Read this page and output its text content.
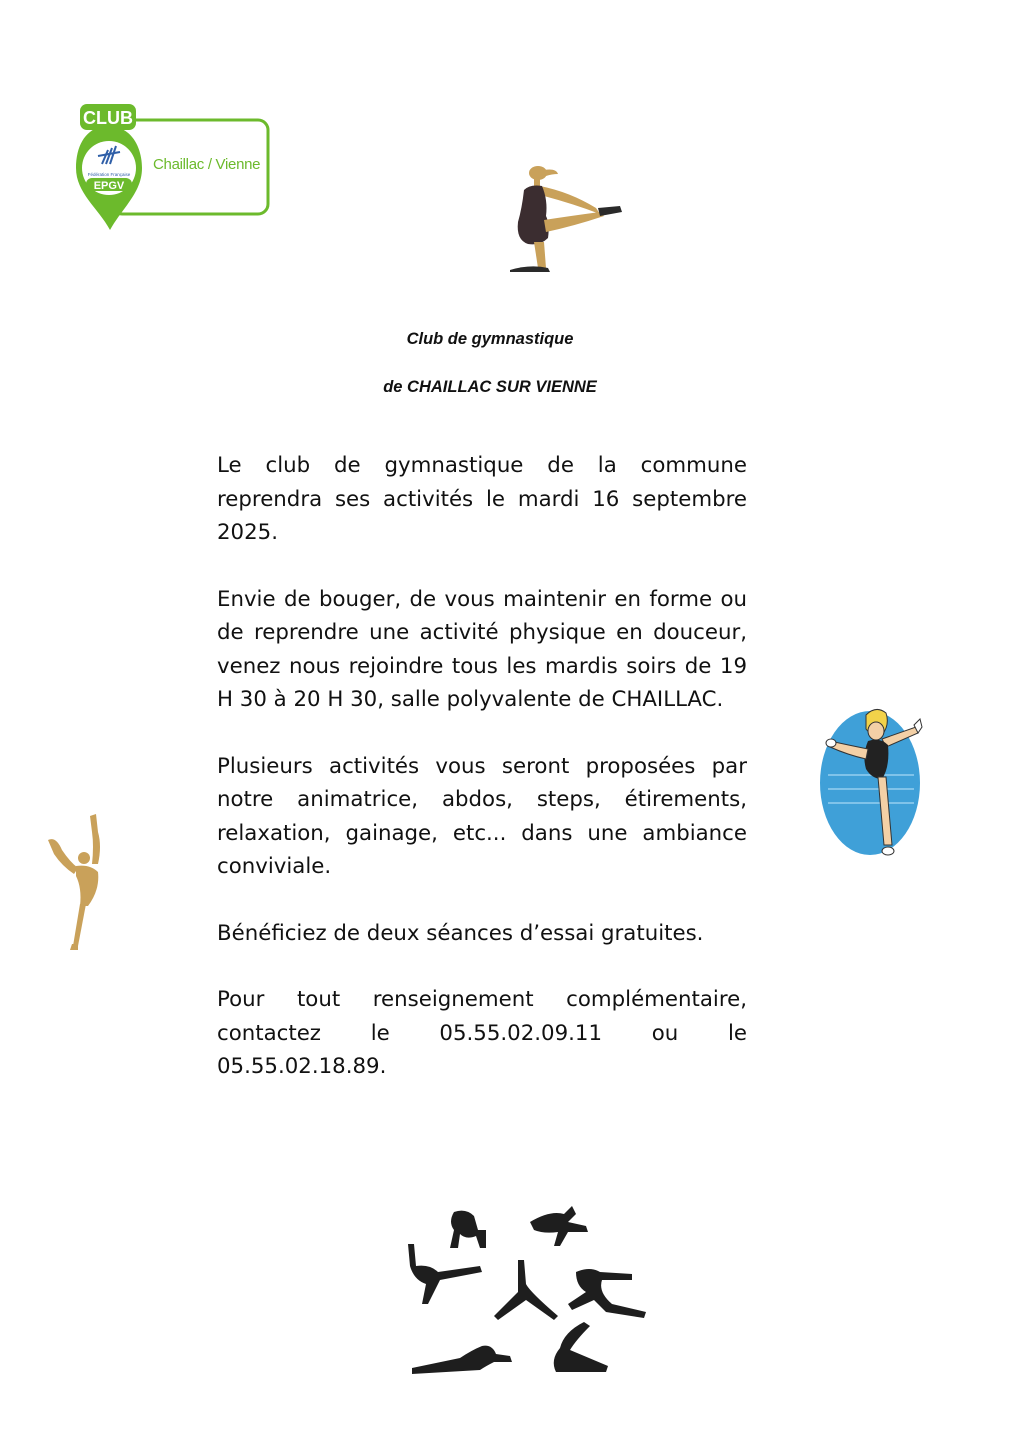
CLUB
Fédération Française
EPGV
Chaillac / Vienne
Club de gymnastique
de CHAILLAC SUR VIENNE

Le club de gymnastique de la commune reprendra ses activités le mardi 16 septembre 2025.

Envie de bouger, de vous maintenir en forme ou de reprendre une activité physique en douceur, venez nous rejoindre tous les mardis soirs de 19 H 30 à 20 H 30, salle polyvalente de CHAILLAC.

Plusieurs activités vous seront proposées par notre animatrice, abdos, steps, étirements, relaxation, gainage, etc... dans une ambiance conviviale.

Bénéficiez de deux séances d’essai gratuites.

Pour tout renseignement complémentaire, contactez le 05.55.02.09.11 ou le 05.55.02.18.89.
